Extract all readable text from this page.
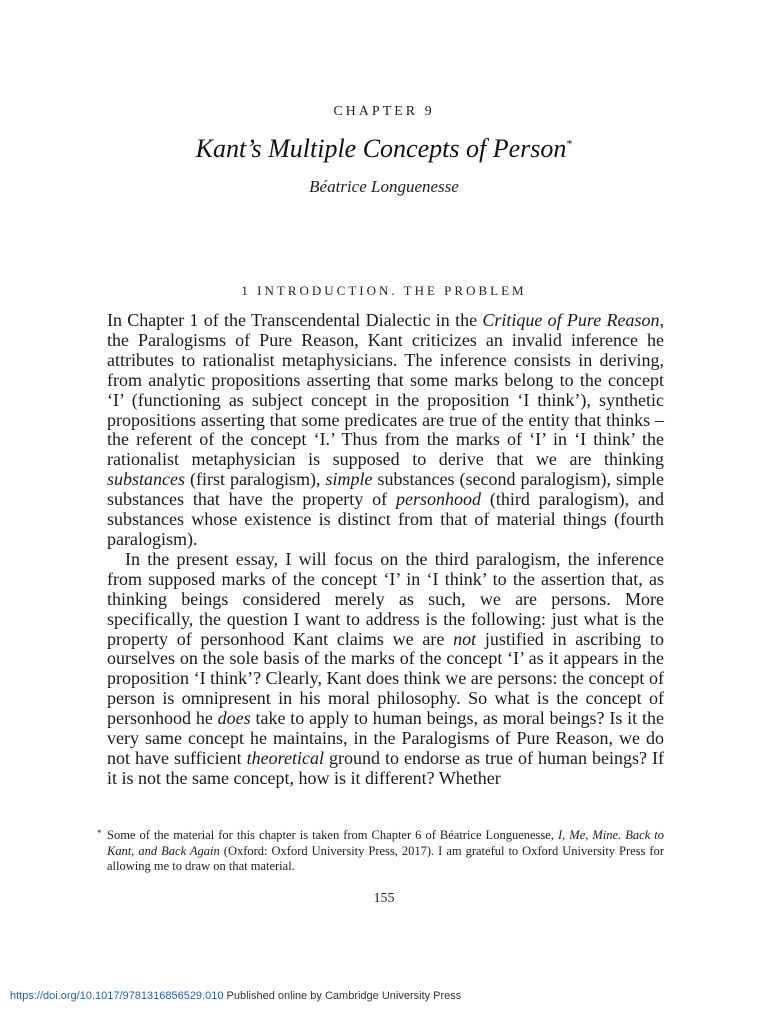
CHAPTER 9
Kant’s Multiple Concepts of Person*
Béatrice Longuenesse
1 INTRODUCTION. THE PROBLEM

In Chapter 1 of the Transcendental Dialectic in the Critique of Pure Reason, the Paralogisms of Pure Reason, Kant criticizes an invalid inference he attributes to rationalist metaphysicians. The inference consists in deriving, from analytic propositions asserting that some marks belong to the concept ‘I’ (functioning as subject concept in the proposition ‘I think’), synthetic propositions asserting that some predicates are true of the entity that thinks – the referent of the concept ‘I.’ Thus from the marks of ‘I’ in ‘I think’ the rationalist metaphysician is supposed to derive that we are thinking substances (first paralogism), simple substances (second paralogism), simple substances that have the property of personhood (third paralogism), and substances whose existence is distinct from that of material things (fourth paralogism).

In the present essay, I will focus on the third paralogism, the inference from supposed marks of the concept ‘I’ in ‘I think’ to the assertion that, as thinking beings considered merely as such, we are persons. More specifically, the question I want to address is the following: just what is the property of personhood Kant claims we are not justified in ascribing to ourselves on the sole basis of the marks of the concept ‘I’ as it appears in the proposition ‘I think’? Clearly, Kant does think we are persons: the concept of person is omnipresent in his moral philosophy. So what is the concept of personhood he does take to apply to human beings, as moral beings? Is it the very same concept he maintains, in the Paralogisms of Pure Reason, we do not have sufficient theoretical ground to endorse as true of human beings? If it is not the same concept, how is it different? Whether

* Some of the material for this chapter is taken from Chapter 6 of Béatrice Longuenesse, I, Me, Mine. Back to Kant, and Back Again (Oxford: Oxford University Press, 2017). I am grateful to Oxford University Press for allowing me to draw on that material.
155
https://doi.org/10.1017/9781316856529.010 Published online by Cambridge University Press
